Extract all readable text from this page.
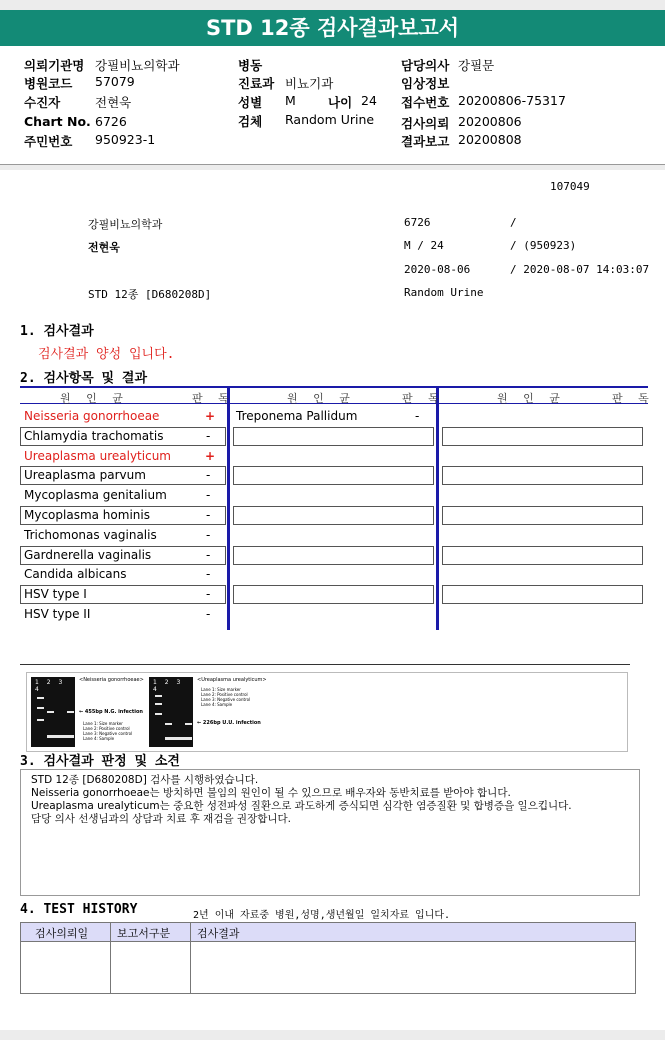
STD 12종 검사결과보고서
의뢰기관명 강필비뇨의학과
병원코드 57079
수진자	전현욱
Chart No. 6726
주민번호 950923-1
병동
진료과 비뇨기과
성별 M	나이 24
검체 Random Urine
담당의사 강필문
임상정보
접수번호 20200806-75317
검사의뢰 20200806
결과보고 20200808
107049
강필비뇨의학과
전현욱
STD 12종 [D680208D]
6726	/
M / 24	/ (950923)
2020-08-06	/ 2020-08-07 14:03:07
Random Urine
1. 검사결과
검사결과 양성 입니다.
2. 검사항목 및 결과
원 인 균	판 독	원 인 균	판 독	원 인 균	판 독
Neisseria gonorrhoeae	+
Chlamydia trachomatis	-
Ureaplasma urealyticum	+
Ureaplasma parvum	-
Mycoplasma genitalium	-
Mycoplasma hominis	-
Trichomonas vaginalis	-
Gardnerella vaginalis	-
Candida albicans	-
HSV type I	-
HSV type II	-
Treponema Pallidum	-
1 2 3 4
<Neisseria gonorrhoeae>
← 455bp N.G. infection
Lane 1: Size marker
Lane 2: Positive control
Lane 3: Negative control
Lane 4: Sample
1 2 3 4
<Ureaplasma urealyticum>
Lane 1: Size marker
Lane 2: Positive control
Lane 3: Negative control
Lane 4: Sample
← 226bp U.U. infection
3. 검사결과 판정 및 소견
STD 12종 [D680208D] 검사를 시행하였습니다.
Neisseria gonorrhoeae는 방치하면 불임의 원인이 될 수 있으므로 배우자와 동반치료를 받아야 합니다.
Ureaplasma urealyticum는 중요한 성전파성 질환으로 과도하게 증식되면 심각한 염증질환 및 합병증을 일으킵니다.
담당 의사 선생님과의 상담과 치료 후 재검을 권장합니다.
4. TEST HISTORY	2년 이내 자료중 병원,성명,생년월일 일치자료 입니다.
검사의뢰일	보고서구분 검사결과
